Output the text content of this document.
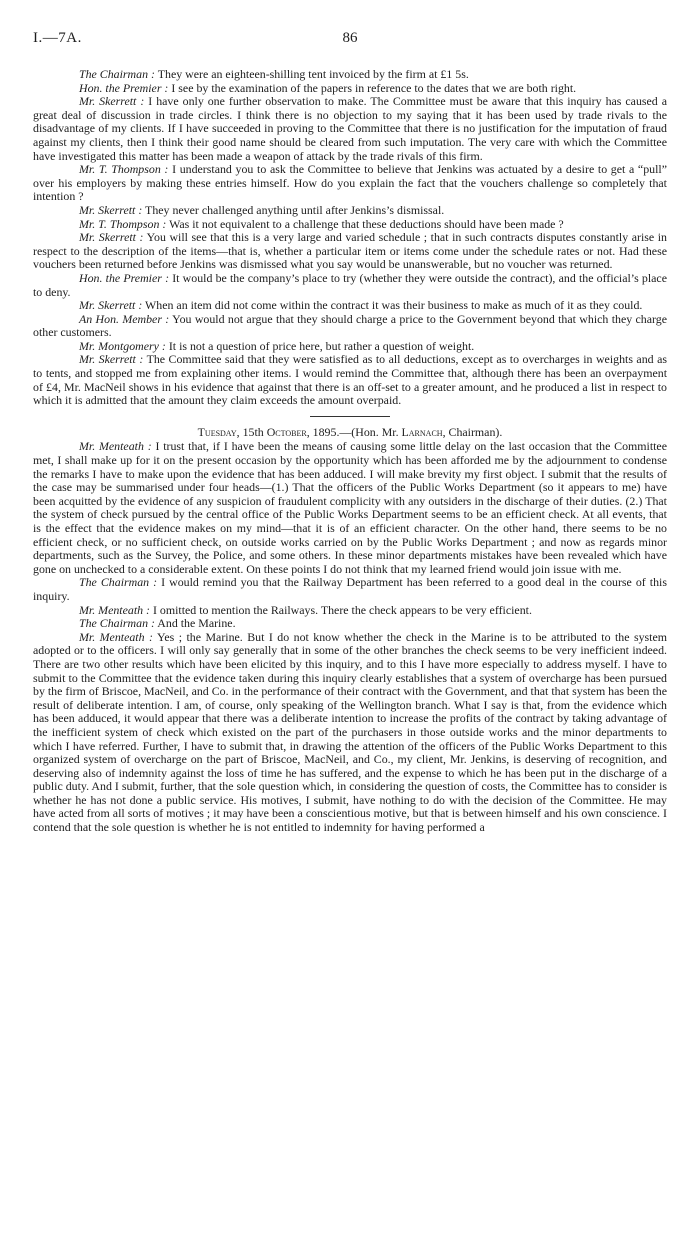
I.—7A.	86

The Chairman : They were an eighteen-shilling tent invoiced by the firm at £1 5s.

Hon. the Premier : I see by the examination of the papers in reference to the dates that we are both right.

Mr. Skerrett : I have only one further observation to make. The Committee must be aware that this inquiry has caused a great deal of discussion in trade circles. I think there is no objection to my saying that it has been used by trade rivals to the disadvantage of my clients. If I have succeeded in proving to the Committee that there is no justification for the imputation of fraud against my clients, then I think their good name should be cleared from such imputation. The very care with which the Committee have investigated this matter has been made a weapon of attack by the trade rivals of this firm.

Mr. T. Thompson : I understand you to ask the Committee to believe that Jenkins was actuated by a desire to get a “pull” over his employers by making these entries himself. How do you explain the fact that the vouchers challenge so completely that intention ?

Mr. Skerrett : They never challenged anything until after Jenkins’s dismissal.

Mr. T. Thompson : Was it not equivalent to a challenge that these deductions should have been made ?

Mr. Skerrett : You will see that this is a very large and varied schedule ; that in such contracts disputes constantly arise in respect to the description of the items—that is, whether a particular item or items come under the schedule rates or not. Had these vouchers been returned before Jenkins was dismissed what you say would be unanswerable, but no voucher was returned.

Hon. the Premier : It would be the company’s place to try (whether they were outside the contract), and the official’s place to deny.

Mr. Skerrett : When an item did not come within the contract it was their business to make as much of it as they could.

An Hon. Member : You would not argue that they should charge a price to the Government beyond that which they charge other customers.

Mr. Montgomery : It is not a question of price here, but rather a question of weight.

Mr. Skerrett : The Committee said that they were satisfied as to all deductions, except as to overcharges in weights and as to tents, and stopped me from explaining other items. I would remind the Committee that, although there has been an overpayment of £4, Mr. MacNeil shows in his evidence that against that there is an off-set to a greater amount, and he produced a list in respect to which it is admitted that the amount they claim exceeds the amount overpaid.

Tuesday, 15th October, 1895.—(Hon. Mr. Larnach, Chairman).

Mr. Menteath : I trust that, if I have been the means of causing some little delay on the last occasion that the Committee met, I shall make up for it on the present occasion by the opportunity which has been afforded me by the adjournment to condense the remarks I have to make upon the evidence that has been adduced. I will make brevity my first object. I submit that the results of the case may be summarised under four heads—(1.) That the officers of the Public Works Department (so it appears to me) have been acquitted by the evidence of any suspicion of fraudulent complicity with any outsiders in the discharge of their duties. (2.) That the system of check pursued by the central office of the Public Works Department seems to be an efficient check. At all events, that is the effect that the evidence makes on my mind—that it is of an efficient character. On the other hand, there seems to be no efficient check, or no sufficient check, on outside works carried on by the Public Works Department ; and now as regards minor departments, such as the Survey, the Police, and some others. In these minor departments mistakes have been revealed which have gone on unchecked to a considerable extent. On these points I do not think that my learned friend would join issue with me.

The Chairman : I would remind you that the Railway Department has been referred to a good deal in the course of this inquiry.

Mr. Menteath : I omitted to mention the Railways. There the check appears to be very efficient.

The Chairman : And the Marine.

Mr. Menteath : Yes ; the Marine. But I do not know whether the check in the Marine is to be attributed to the system adopted or to the officers. I will only say generally that in some of the other branches the check seems to be very inefficient indeed. There are two other results which have been elicited by this inquiry, and to this I have more especially to address myself. I have to submit to the Committee that the evidence taken during this inquiry clearly establishes that a system of overcharge has been pursued by the firm of Briscoe, MacNeil, and Co. in the performance of their contract with the Government, and that that system has been the result of deliberate intention. I am, of course, only speaking of the Wellington branch. What I say is that, from the evidence which has been adduced, it would appear that there was a deliberate intention to increase the profits of the contract by taking advantage of the inefficient system of check which existed on the part of the purchasers in those outside works and the minor departments to which I have referred. Further, I have to submit that, in drawing the attention of the officers of the Public Works Department to this organized system of overcharge on the part of Briscoe, MacNeil, and Co., my client, Mr. Jenkins, is deserving of recognition, and deserving also of indemnity against the loss of time he has suffered, and the expense to which he has been put in the discharge of a public duty. And I submit, further, that the sole question which, in considering the question of costs, the Committee has to consider is whether he has not done a public service. His motives, I submit, have nothing to do with the decision of the Committee. He may have acted from all sorts of motives ; it may have been a conscientious motive, but that is between himself and his own conscience. I contend that the sole question is whether he is not entitled to indemnity for having performed a
